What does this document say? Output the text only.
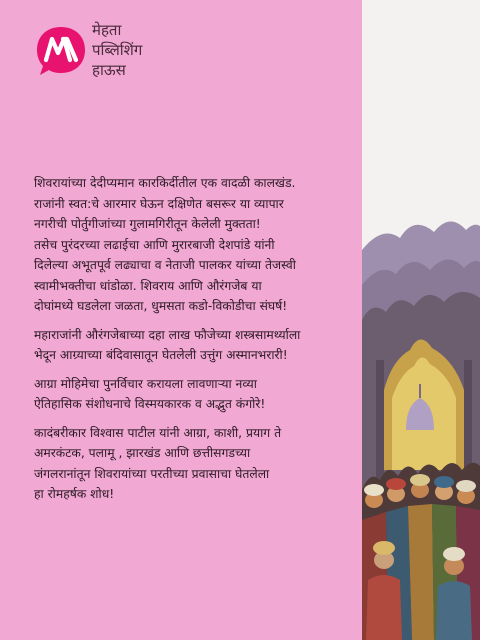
मेहता
पब्लिशिंग
हाऊस

शिवरायांच्या देदीप्यमान कारकिर्दीतील एक वादळी कालखंड.
राजांनी स्वत:चे आरमार घेऊन दक्षिणेत बसरूर या व्यापार
नगरीची पोर्तुगीजांच्या गुलामगिरीतून केलेली मुक्तता!
तसेच पुरंदरच्या लढाईचा आणि मुरारबाजी देशपांडे यांनी
दिलेल्या अभूतपूर्व लढ्याचा व नेताजी पालकर यांच्या तेजस्वी
स्वामीभक्तीचा धांडोळा. शिवराय आणि औरंगजेब या
दोघांमध्ये घडलेला जळता, धुमसता कडो-विकोडीचा संघर्ष!

महाराजांनी औरंगजेबाच्या दहा लाख फौजेच्या शस्त्रसामर्थ्याला
भेदून आग्र्याच्या बंदिवासातून घेतलेली उत्तुंग अस्मानभरारी!

आग्रा मोहिमेचा पुनर्विचार करायला लावणाऱ्या नव्या
ऐतिहासिक संशोधनाचे विस्मयकारक व अद्भुत कंगोरे!

कादंबरीकार विश्वास पाटील यांनी आग्रा, काशी, प्रयाग ते
अमरकंटक, पलामू , झारखंड आणि छत्तीसगडच्या
जंगलरानांतून शिवरायांच्या परतीच्या प्रवासाचा घेतलेला
हा रोमहर्षक शोध!
